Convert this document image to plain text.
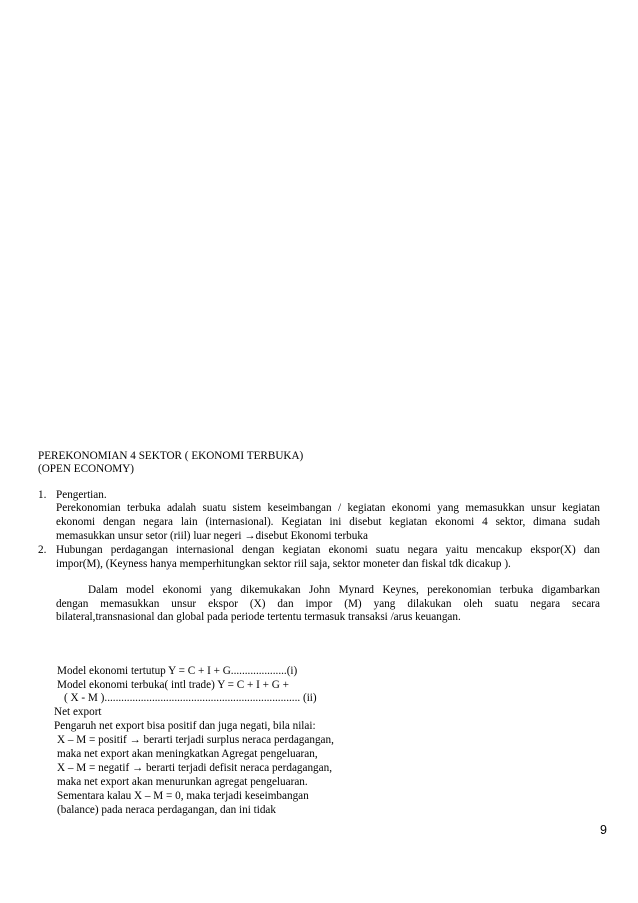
PEREKONOMIAN 4 SEKTOR ( EKONOMI TERBUKA)
(OPEN ECONOMY)
1. Pengertian.
Perekonomian terbuka adalah suatu sistem keseimbangan / kegiatan ekonomi yang memasukkan unsur kegiatan
ekonomi dengan negara lain (internasional). Kegiatan ini disebut kegiatan ekonomi 4 sektor, dimana sudah
memasukkan unsur setor (riil) luar negeri →disebut Ekonomi terbuka
2. Hubungan perdagangan internasional dengan kegiatan ekonomi suatu negara yaitu mencakup ekspor(X) dan
impor(M), (Keyness hanya memperhitungkan sektor riil saja, sektor moneter dan fiskal tdk dicakup ).
Dalam model ekonomi yang dikemukakan John Mynard Keynes, perekonomian terbuka digambarkan
dengan memasukkan unsur ekspor (X) dan impor (M) yang dilakukan oleh suatu negara secara
bilateral,transnasional dan global pada periode tertentu termasuk transaksi /arus keuangan.
Model ekonomi tertutup Y = C + I + G....................(i)
Model ekonomi terbuka( intl trade) Y = C + I + G +
( X - M )...................................................................... (ii)
Net export
Pengaruh net export bisa positif dan juga negati, bila nilai:
X – M = positif → berarti terjadi surplus neraca perdagangan,
maka net export akan meningkatkan Agregat pengeluaran,
X – M = negatif → berarti terjadi defisit neraca perdagangan,
maka net export akan menurunkan agregat pengeluaran.
Sementara kalau X – M = 0, maka terjadi keseimbangan
(balance) pada neraca perdagangan, dan ini tidak
9
